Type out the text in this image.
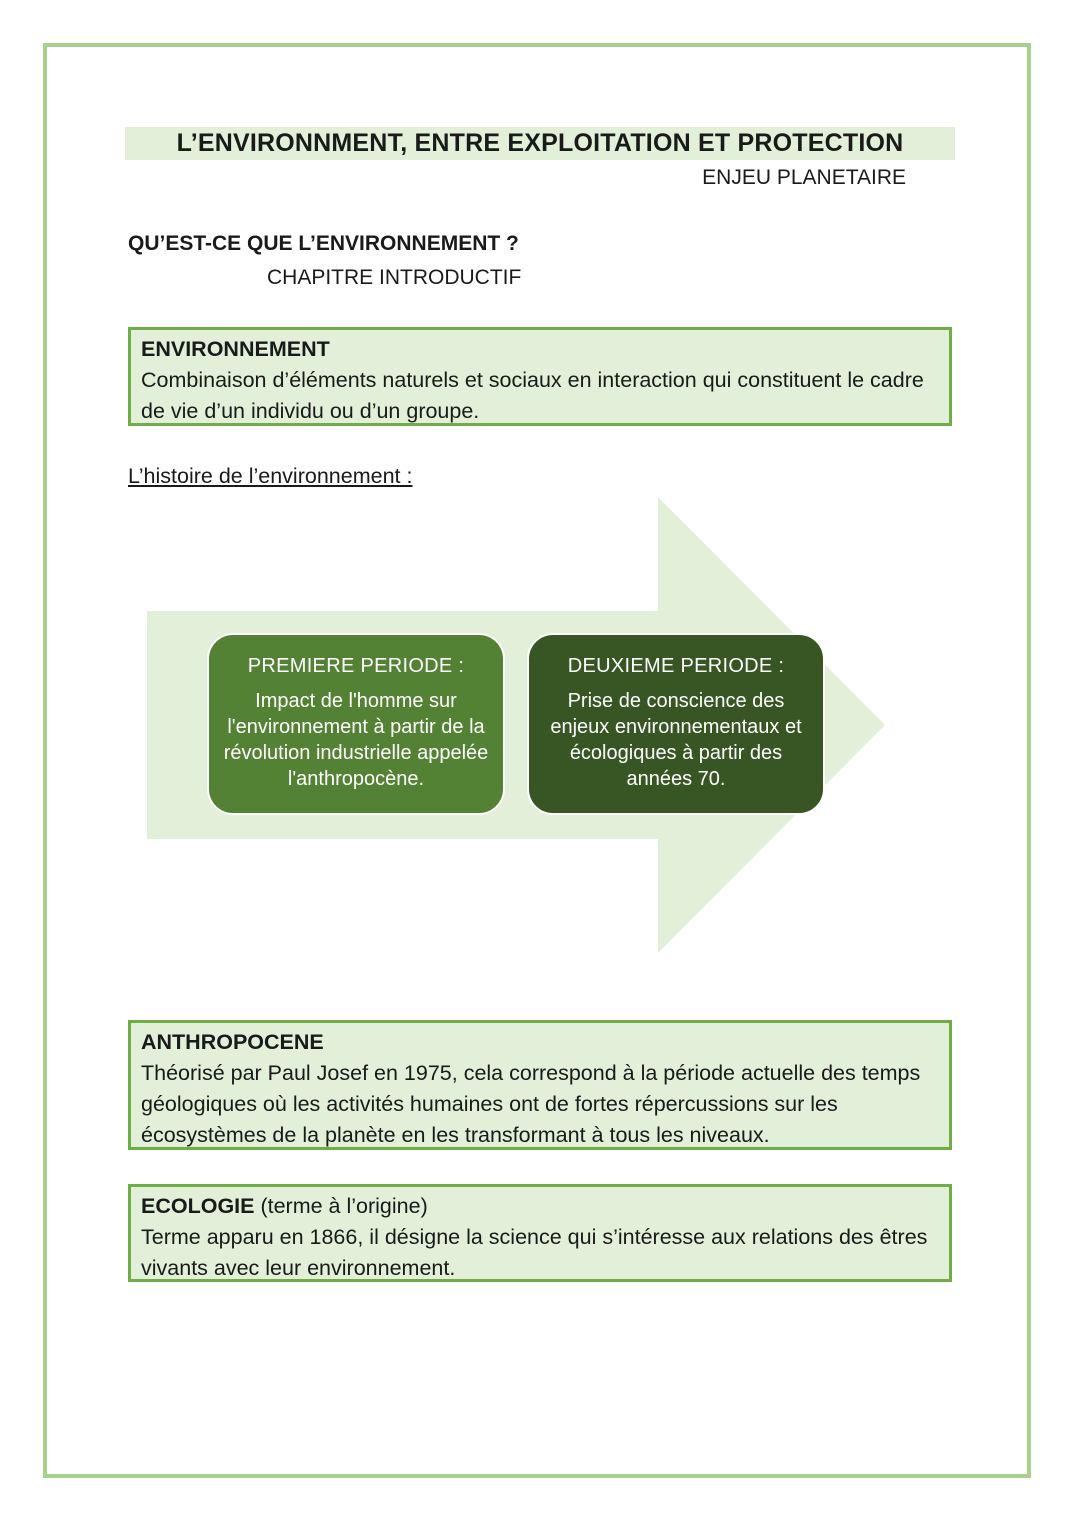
L’ENVIRONNMENT, ENTRE EXPLOITATION ET PROTECTION
ENJEU PLANETAIRE
QU’EST-CE QUE L’ENVIRONNEMENT ?
CHAPITRE INTRODUCTIF
ENVIRONNEMENT
Combinaison d’éléments naturels et sociaux en interaction qui constituent le cadre de vie d’un individu ou d’un groupe.
L’histoire de l’environnement :
PREMIERE PERIODE :
Impact de l'homme sur l'environnement à partir de la révolution industrielle appelée l'anthropocène.
DEUXIEME PERIODE :
Prise de conscience des enjeux environnementaux et écologiques à partir des années 70.
ANTHROPOCENE
Théorisé par Paul Josef en 1975, cela correspond à la période actuelle des temps géologiques où les activités humaines ont de fortes répercussions sur les écosystèmes de la planète en les transformant à tous les niveaux.
ECOLOGIE (terme à l’origine)
Terme apparu en 1866, il désigne la science qui s’intéresse aux relations des êtres vivants avec leur environnement.
